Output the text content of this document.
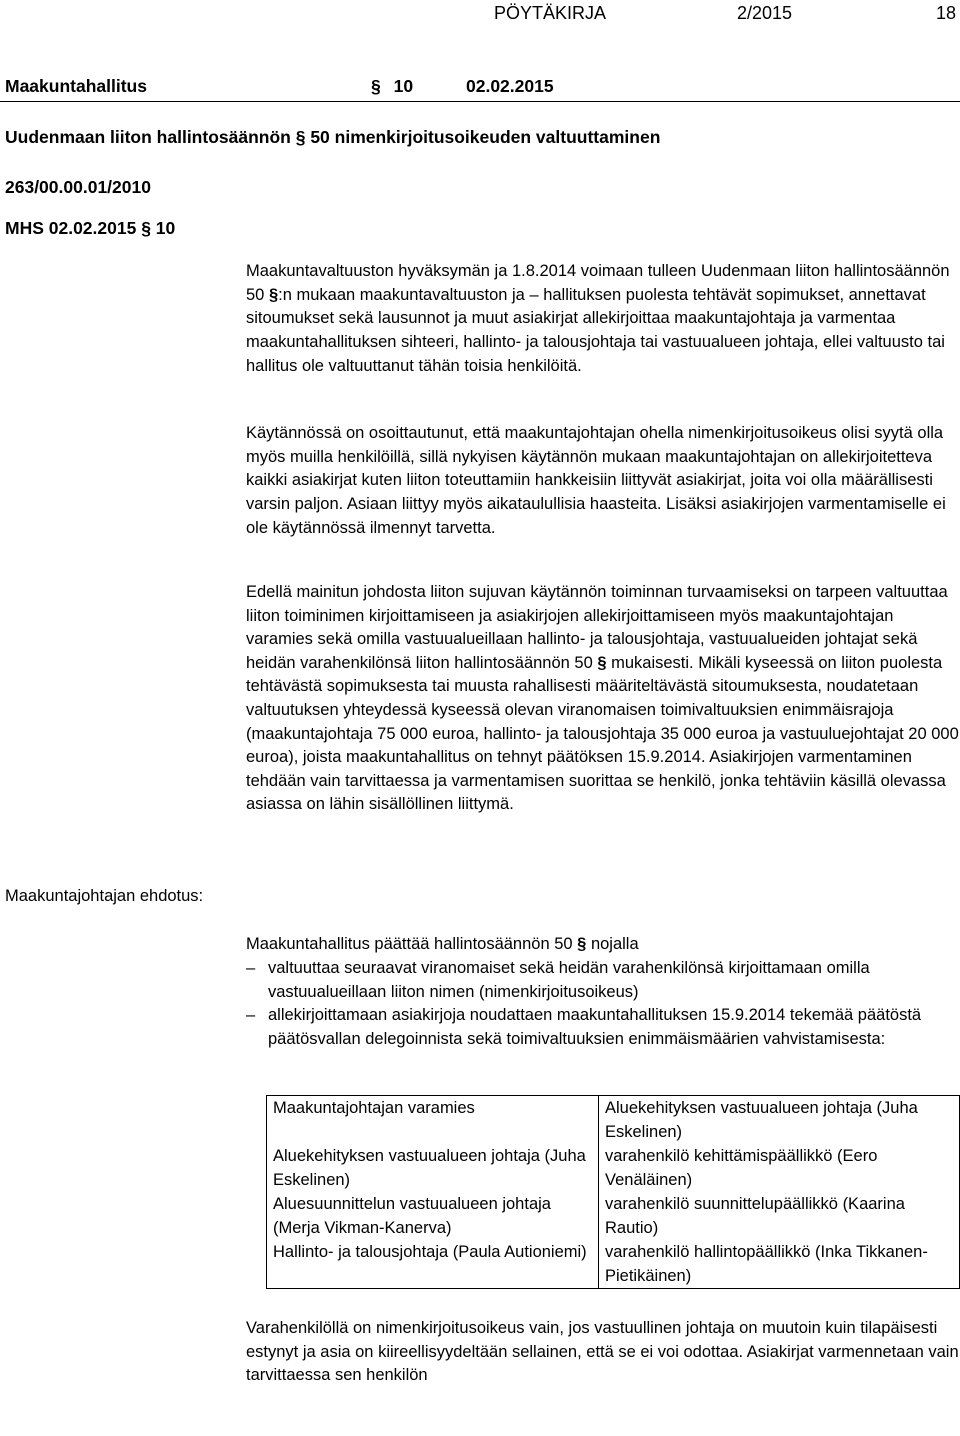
PÖYTÄKIRJA	2/2015	18
Maakuntahallitus	§ 10	02.02.2015
Uudenmaan liiton hallintosäännön § 50 nimenkirjoitusoikeuden valtuuttaminen
263/00.00.01/2010
MHS 02.02.2015 § 10

Maakuntavaltuuston hyväksymän ja 1.8.2014 voimaan tulleen Uudenmaan liiton hallintosäännön 50 §:n mukaan maakuntavaltuuston ja – hallituksen puolesta tehtävät sopimukset, annettavat sitoumukset sekä lausunnot ja muut asiakirjat allekirjoittaa maakuntajohtaja ja varmentaa maakuntahallituksen sihteeri, hallinto- ja talousjohtaja tai vastuualueen johtaja, ellei valtuusto tai hallitus ole valtuuttanut tähän toisia henkilöitä.

Käytännössä on osoittautunut, että maakuntajohtajan ohella nimenkirjoitusoikeus olisi syytä olla myös muilla henkilöillä, sillä nykyisen käytännön mukaan maakuntajohtajan on allekirjoitetteva kaikki asiakirjat kuten liiton toteuttamiin hankkeisiin liittyvät asiakirjat, joita voi olla määrällisesti varsin paljon. Asiaan liittyy myös aikataulullisia haasteita. Lisäksi asiakirjojen varmentamiselle ei ole käytännössä ilmennyt tarvetta.

Edellä mainitun johdosta liiton sujuvan käytännön toiminnan turvaamiseksi on tarpeen valtuuttaa liiton toiminimen kirjoittamiseen ja asiakirjojen allekirjoittamiseen myös maakuntajohtajan varamies sekä omilla vastuualueillaan hallinto- ja talousjohtaja, vastuualueiden johtajat sekä heidän varahenkilönsä liiton hallintosäännön 50 § mukaisesti. Mikäli kyseessä on liiton puolesta tehtävästä sopimuksesta tai muusta rahallisesti määriteltävästä sitoumuksesta, noudatetaan valtuutuksen yhteydessä kyseessä olevan viranomaisen toimivaltuuksien enimmäisrajoja (maakuntajohtaja 75 000 euroa, hallinto- ja talousjohtaja 35 000 euroa ja vastuuluejohtajat 20 000 euroa), joista maakuntahallitus on tehnyt päätöksen 15.9.2014. Asiakirjojen varmentaminen tehdään vain tarvittaessa ja varmentamisen suorittaa se henkilö, jonka tehtäviin käsillä olevassa asiassa on lähin sisällöllinen liittymä.

Maakuntajohtajan ehdotus:

Maakuntahallitus päättää hallintosäännön 50 § nojalla

– valtuuttaa seuraavat viranomaiset sekä heidän varahenkilönsä kirjoittamaan omilla vastuualueillaan liiton nimen (nimenkirjoitusoikeus)
– allekirjoittamaan asiakirjoja noudattaen maakuntahallituksen 15.9.2014 tekemää päätöstä päätösvallan delegoinnista sekä toimivaltuuksien enimmäismäärien vahvistamisesta:
Maakuntajohtajan varamies	Aluekehityksen vastuualueen johtaja (Juha Eskelinen)
Aluekehityksen vastuualueen johtaja (Juha Eskelinen)	varahenkilö kehittämispäällikkö (Eero Venäläinen)
Aluesuunnittelun vastuualueen johtaja (Merja Vikman-Kanerva)	varahenkilö suunnittelupäällikkö (Kaarina Rautio)
Hallinto- ja talousjohtaja (Paula Autioniemi)	varahenkilö hallintopäällikkö (Inka Tikkanen-Pietikäinen)

Varahenkilöllä on nimenkirjoitusoikeus vain, jos vastuullinen johtaja on muutoin kuin tilapäisesti estynyt ja asia on kiireellisyydeltään sellainen, että se ei voi odottaa. Asiakirjat varmennetaan vain tarvittaessa sen henkilön
